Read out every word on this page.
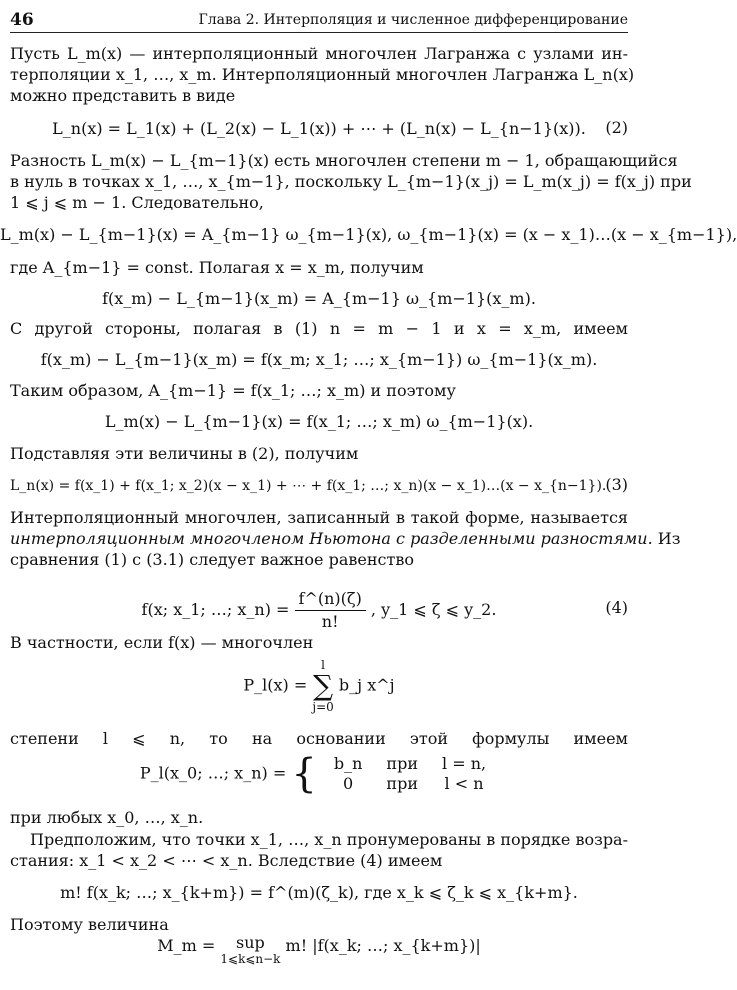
46	Глава 2. Интерполяция и численное дифференцирование
Пусть L_m(x) — интерполяционный многочлен Лагранжа с узлами ин-
терполяции x_1, …, x_m. Интерполяционный многочлен Лагранжа L_n(x)
можно представить в виде
L_n(x) = L_1(x) + (L_2(x) − L_1(x)) + ⋯ + (L_n(x) − L_{n−1}(x)).	(2)
Разность L_m(x) − L_{m−1}(x) есть многочлен степени m − 1, обращающийся
в нуль в точках x_1, …, x_{m−1}, поскольку L_{m−1}(x_j) = L_m(x_j) = f(x_j) при
1 ⩽ j ⩽ m − 1. Следовательно,
L_m(x) − L_{m−1}(x) = A_{m−1} ω_{m−1}(x), ω_{m−1}(x) = (x − x_1)…(x − x_{m−1}),
где A_{m−1} = const. Полагая x = x_m, получим
f(x_m) − L_{m−1}(x_m) = A_{m−1} ω_{m−1}(x_m).
С другой стороны, полагая в (1) n = m − 1 и x = x_m, имеем
f(x_m) − L_{m−1}(x_m) = f(x_m; x_1; …; x_{m−1}) ω_{m−1}(x_m).
Таким образом, A_{m−1} = f(x_1; …; x_m) и поэтому
L_m(x) − L_{m−1}(x) = f(x_1; …; x_m) ω_{m−1}(x).
Подставляя эти величины в (2), получим
L_n(x) = f(x_1) + f(x_1; x_2)(x − x_1) + ⋯ + f(x_1; …; x_n)(x − x_1)…(x − x_{n−1}).
(3)
Интерполяционный многочлен, записанный в такой форме, называется
интерполяционным многочленом Ньютона с разделенными разностями. Из
сравнения (1) с (3.1) следует важное равенство
f(x; x_1; …; x_n) = $\frac{f\^{}(n)(\zeta)}{n!}$ , y_1 ⩽ ζ ⩽ y_2.	(4)
В частности, если f(x) — многочлен
P_l(x) =
l
∑
j=0
b_j x^j
степени l ⩽ n, то на основании этой формулы имеем
P_l(x_0; …; x_n) = { b_n	при	l = n,
0	при	l < n
при любых x_0, …, x_n.
Предположим, что точки x_1, …, x_n пронумерованы в порядке возра-
стания: x_1 < x_2 < ⋯ < x_n. Вследствие (4) имеем
m! f(x_k; …; x_{k+m}) = f^(m)(ζ_k), где x_k ⩽ ζ_k ⩽ x_{k+m}.
Поэтому величина
M_m = sup
1⩽k⩽n−k
m! |f(x_k; …; x_{k+m})|
